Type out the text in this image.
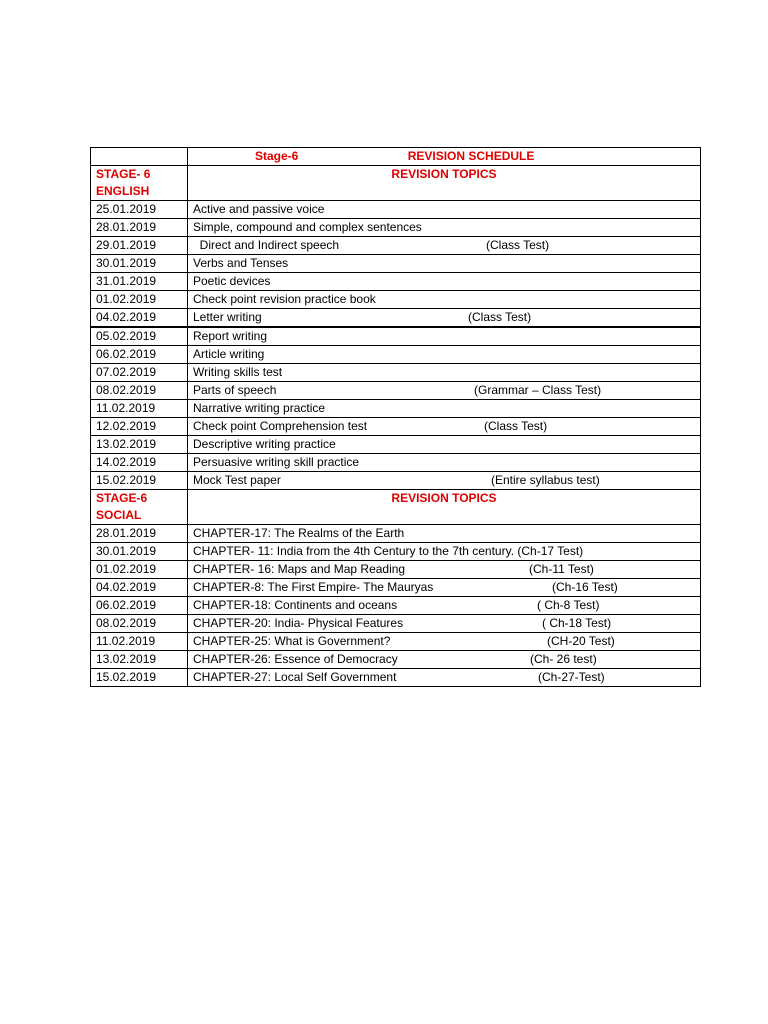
	Stage-6 REVISION SCHEDULE

STAGE- 6
ENGLISH	REVISION TOPICS
25.01.2019	Active and passive voice
28.01.2019	Simple, compound and complex sentences
29.01.2019	Direct and Indirect speech (Class Test)

30.01.2019	Verbs and Tenses
31.01.2019	Poetic devices
01.02.2019	Check point revision practice book
04.02.2019	Letter writing (Class Test)

05.02.2019	Report writing
06.02.2019	Article writing
07.02.2019	Writing skills test
08.02.2019	Parts of speech (Grammar – Class Test)

11.02.2019	Narrative writing practice
12.02.2019	Check point Comprehension test (Class Test)

13.02.2019	Descriptive writing practice
14.02.2019	Persuasive writing skill practice
15.02.2019	Mock Test paper (Entire syllabus test)

STAGE-6
SOCIAL	REVISION TOPICS
28.01.2019	CHAPTER-17: The Realms of the Earth
30.01.2019	CHAPTER- 11: India from the 4th Century to the 7th century. (Ch-17 Test)
01.02.2019	CHAPTER- 16: Maps and Map Reading (Ch-11 Test)

04.02.2019	CHAPTER-8: The First Empire- The Mauryas (Ch-16 Test)

06.02.2019	CHAPTER-18: Continents and oceans ( Ch-8 Test)

08.02.2019	CHAPTER-20: India- Physical Features ( Ch-18 Test)

11.02.2019	CHAPTER-25: What is Government? (CH-20 Test)

13.02.2019	CHAPTER-26: Essence of Democracy (Ch- 26 test)

15.02.2019	CHAPTER-27: Local Self Government (Ch-27-Test)
